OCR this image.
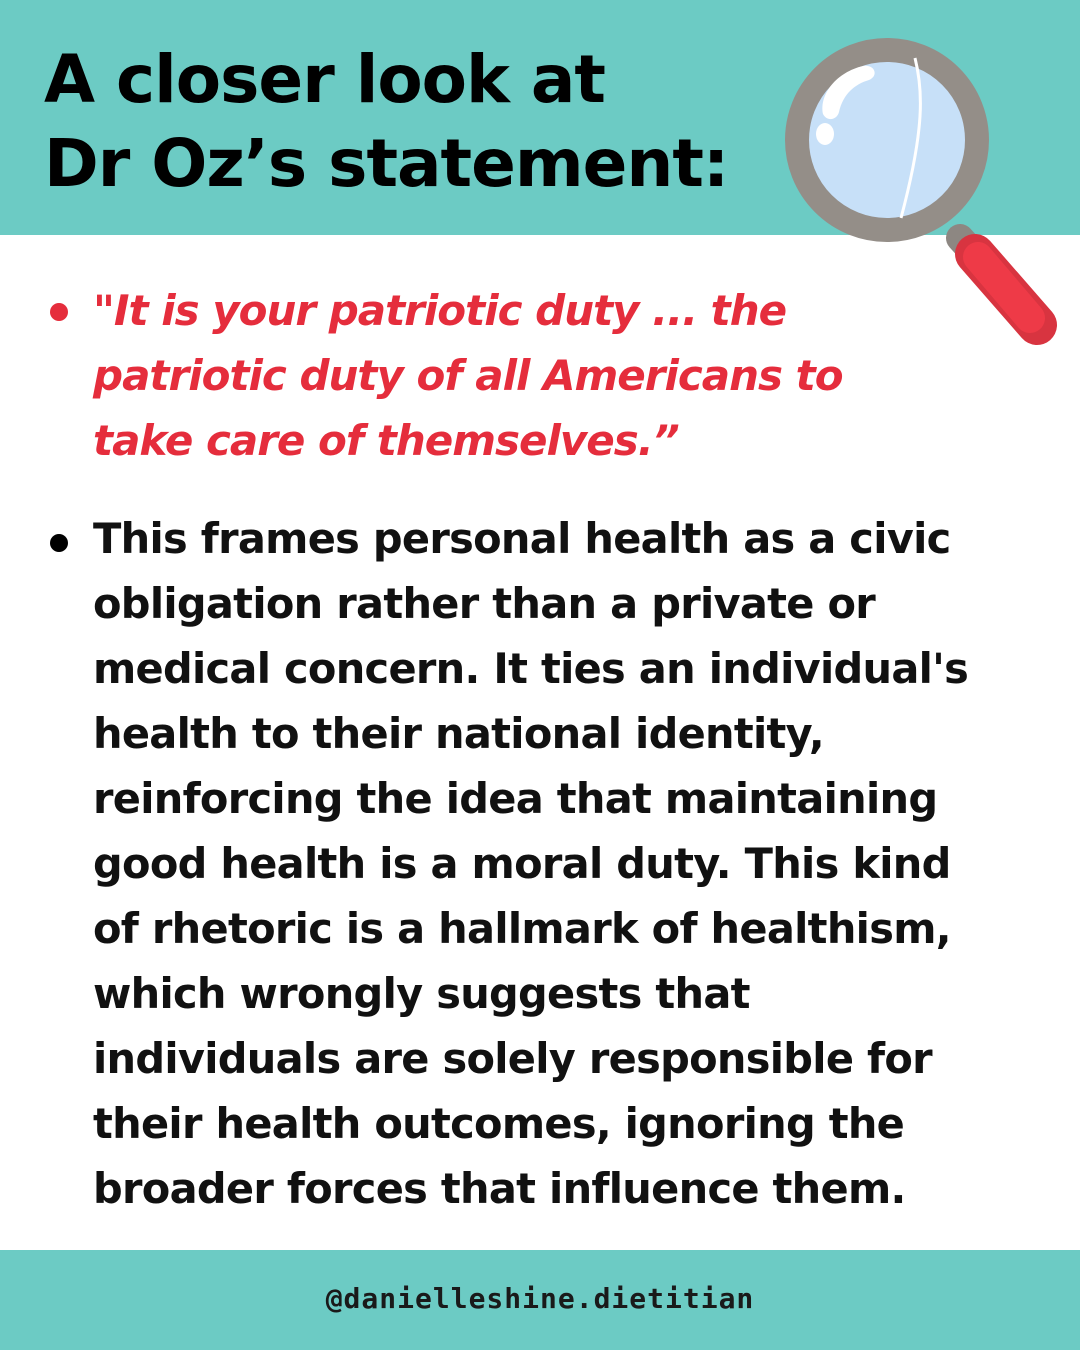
A closer look at
Dr Oz’s statement:
"It is your patriotic duty ... the
patriotic duty of all Americans to
take care of themselves.”
This frames personal health as a civic
obligation rather than a private or
medical concern. It ties an individual's
health to their national identity,
reinforcing the idea that maintaining
good health is a moral duty. This kind
of rhetoric is a hallmark of healthism,
which wrongly suggests that
individuals are solely responsible for
their health outcomes, ignoring the
broader forces that influence them.
@danielleshine.dietitian
